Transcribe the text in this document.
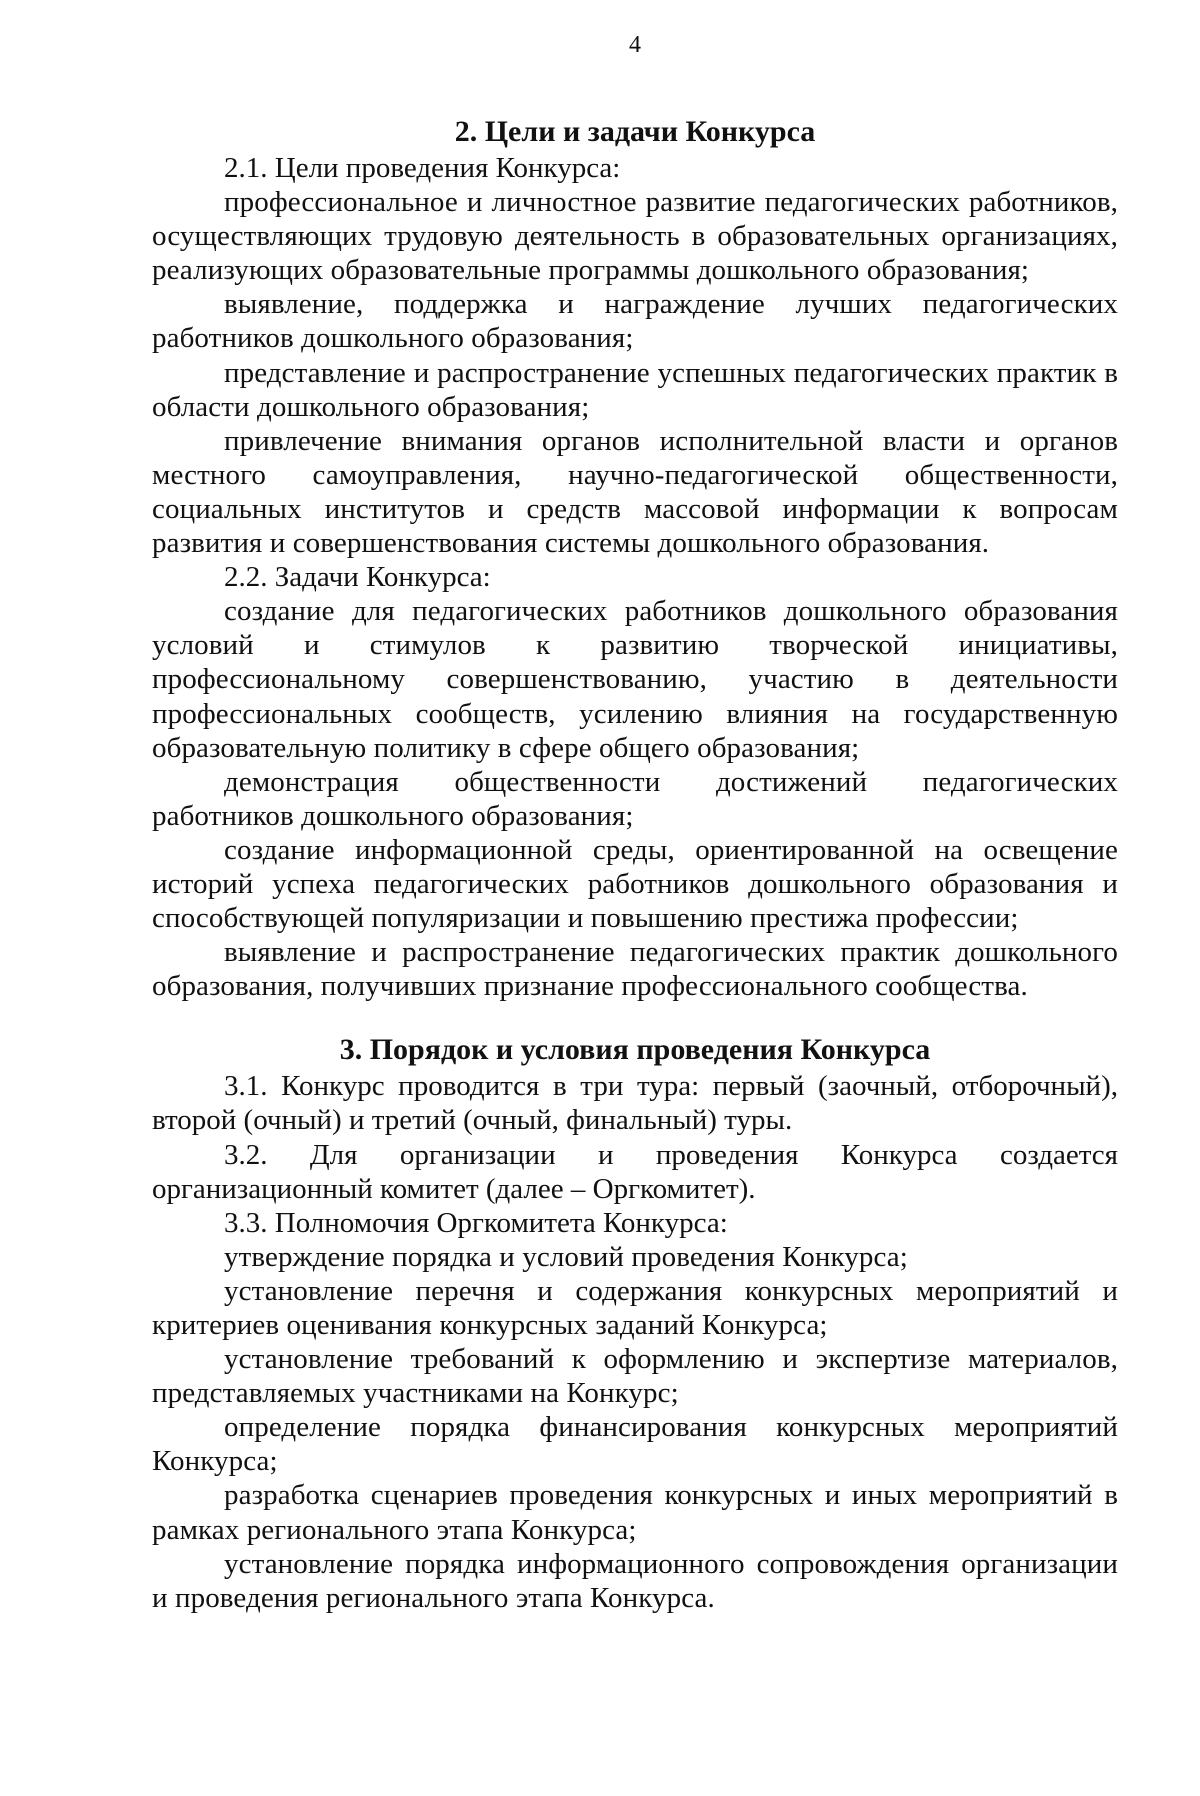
4
2. Цели и задачи Конкурса

2.1. Цели проведения Конкурса:

профессиональное и личностное развитие педагогических работников, осуществляющих трудовую деятельность в образовательных организациях, реализующих образовательные программы дошкольного образования;

выявление, поддержка и награждение лучших педагогических работников дошкольного образования;

представление и распространение успешных педагогических практик в области дошкольного образования;

привлечение внимания органов исполнительной власти и органов местного самоуправления, научно-педагогической общественности, социальных институтов и средств массовой информации к вопросам развития и совершенствования системы дошкольного образования.

2.2. Задачи Конкурса:

создание для педагогических работников дошкольного образования условий и стимулов к развитию творческой инициативы, профессиональному совершенствованию, участию в деятельности профессиональных сообществ, усилению влияния на государственную образовательную политику в сфере общего образования;

демонстрация общественности достижений педагогических работников дошкольного образования;

создание информационной среды, ориентированной на освещение историй успеха педагогических работников дошкольного образования и способствующей популяризации и повышению престижа профессии;

выявление и распространение педагогических практик дошкольного образования, получивших признание профессионального сообщества.

3. Порядок и условия проведения Конкурса

3.1. Конкурс проводится в три тура: первый (заочный, отборочный), второй (очный) и третий (очный, финальный) туры.

3.2. Для организации и проведения Конкурса создается организационный комитет (далее – Оргкомитет).

3.3. Полномочия Оргкомитета Конкурса:

утверждение порядка и условий проведения Конкурса;

установление перечня и содержания конкурсных мероприятий и критериев оценивания конкурсных заданий Конкурса;

установление требований к оформлению и экспертизе материалов, представляемых участниками на Конкурс;

определение порядка финансирования конкурсных мероприятий Конкурса;

разработка сценариев проведения конкурсных и иных мероприятий в рамках регионального этапа Конкурса;

установление порядка информационного сопровождения организации и проведения регионального этапа Конкурса.
